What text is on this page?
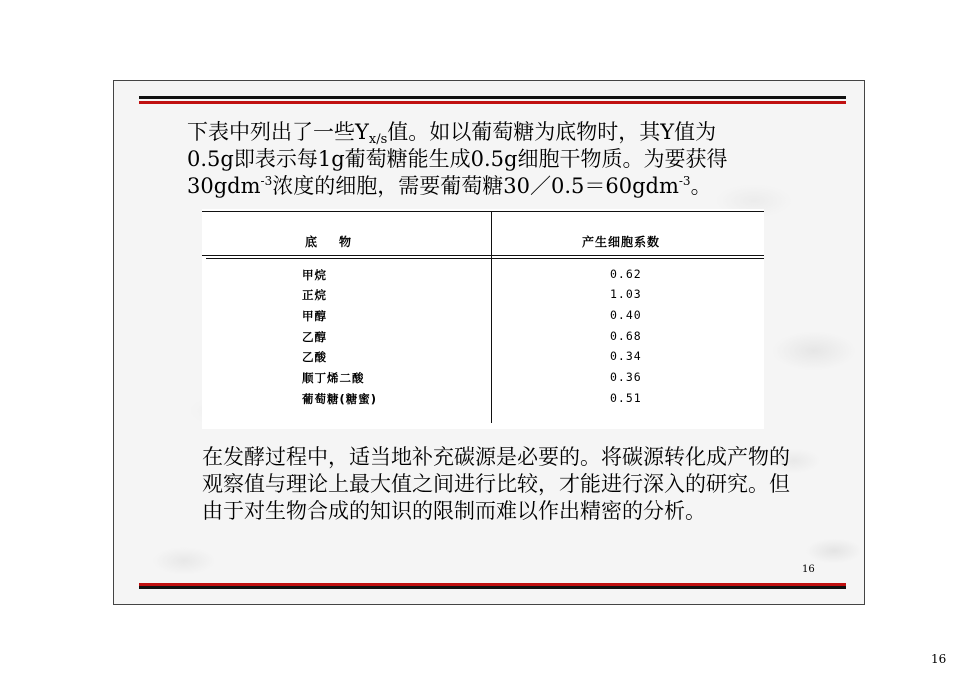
下表中列出了一些$Y_{x/s}$值。如以葡萄糖为底物时，其Y值为
0.5g即表示每1g葡萄糖能生成0.5g细胞干物质。为要获得
30gdm$^{-3}$浓度的细胞，需要葡萄糖30／0.5＝60gdm$^{-3}$。

底物	产生细胞系数
甲烷	0.62
正烷	1.03
甲醇	0.40
乙醇	0.68
乙酸	0.34
顺丁烯二酸	0.36
葡萄糖(糖蜜)	0.51

在发酵过程中，适当地补充碳源是必要的。将碳源转化成产物的观察值与理论上最大值之间进行比较，才能进行深入的研究。但由于对生物合成的知识的限制而难以作出精密的分析。

16
16
